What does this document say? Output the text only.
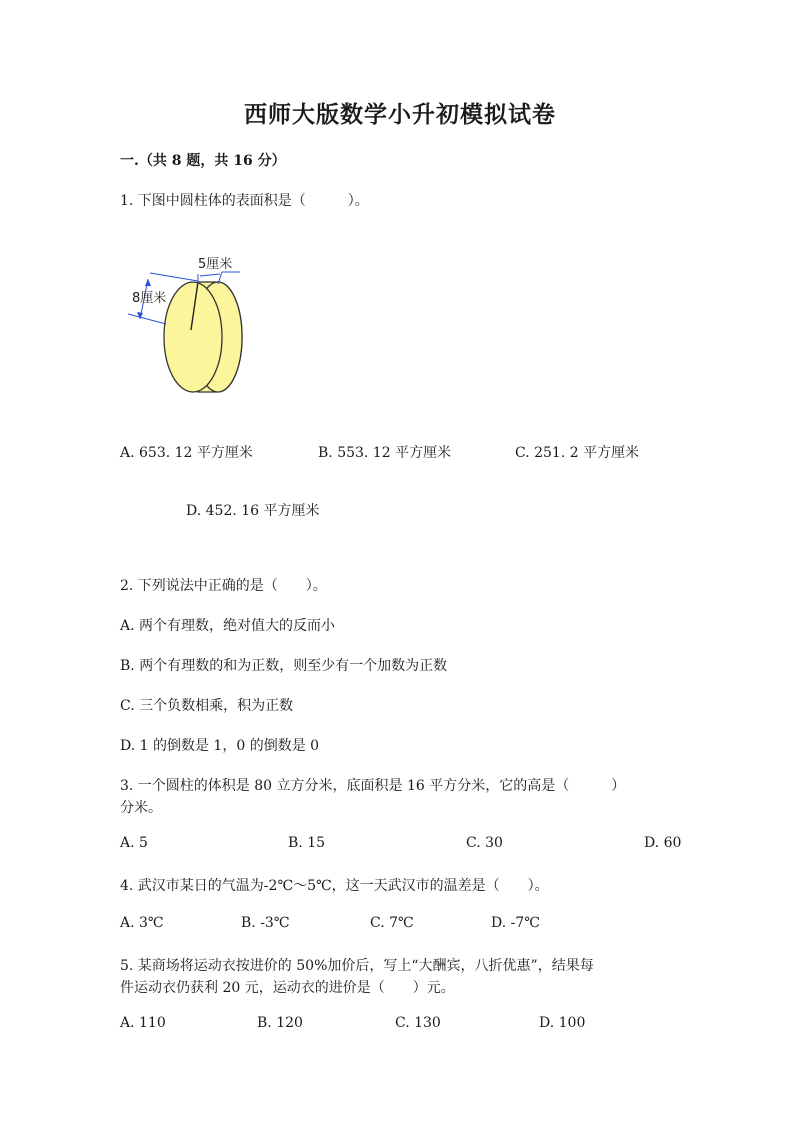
西师大版数学小升初模拟试卷
一.（共 8 题，共 16 分）
1. 下图中圆柱体的表面积是（　　　）。
5厘米
8厘米
A. 653. 12 平方厘米	B. 553. 12 平方厘米	C. 251. 2 平方厘米
D. 452. 16 平方厘米
2. 下列说法中正确的是（　　）。
A. 两个有理数，绝对值大的反而小
B. 两个有理数的和为正数，则至少有一个加数为正数
C. 三个负数相乘，积为正数
D. 1 的倒数是 1，0 的倒数是 0
3. 一个圆柱的体积是 80 立方分米，底面积是 16 平方分米，它的高是（　　　）
分米。
A. 5	B. 15	C. 30	D. 60
4. 武汉市某日的气温为-2℃～5℃，这一天武汉市的温差是（　　）。
A. 3℃	B. -3℃	C. 7℃	D. -7℃
5. 某商场将运动衣按进价的 50%加价后，写上“大酬宾，八折优惠”，结果每
件运动衣仍获利 20 元，运动衣的进价是（　　）元。
A. 110	B. 120	C. 130	D. 100
